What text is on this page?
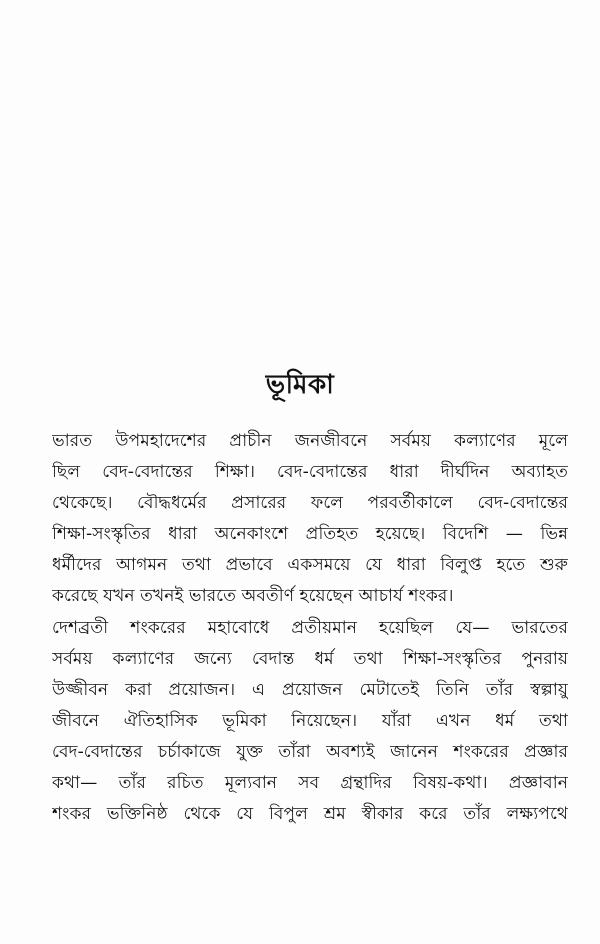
ভূমিকা
ভারত উপমহাদেশের প্রাচীন জনজীবনে সর্বময় কল্যাণের মূলে
ছিল বেদ-বেদান্তের শিক্ষা। বেদ-বেদান্তের ধারা দীর্ঘদিন অব্যাহত
থেকেছে। বৌদ্ধধর্মের প্রসারের ফলে পরবর্তীকালে বেদ-বেদান্তের
শিক্ষা-সংস্কৃতির ধারা অনেকাংশে প্রতিহত হয়েছে। বিদেশি — ভিন্ন
ধর্মীদের আগমন তথা প্রভাবে একসময়ে যে ধারা বিলুপ্ত হতে শুরু
করেছে যখন তখনই ভারতে অবতীর্ণ হয়েছেন আচার্য শংকর।
দেশব্রতী শংকরের মহাবোধে প্রতীয়মান হয়েছিল যে— ভারতের
সর্বময় কল্যাণের জন্যে বেদান্ত ধর্ম তথা শিক্ষা-সংস্কৃতির পুনরায়
উজ্জীবন করা প্রয়োজন। এ প্রয়োজন মেটাতেই তিনি তাঁর স্বল্পায়ু
জীবনে ঐতিহাসিক ভূমিকা নিয়েছেন। যাঁরা এখন ধর্ম তথা
বেদ-বেদান্তের চর্চাকাজে যুক্ত তাঁরা অবশ্যই জানেন শংকরের প্রজ্ঞার
কথা— তাঁর রচিত মূল্যবান সব গ্রন্থাদির বিষয়-কথা। প্রজ্ঞাবান
শংকর ভক্তিনিষ্ঠ থেকে যে বিপুল শ্রম স্বীকার করে তাঁর লক্ষ্যপথে
